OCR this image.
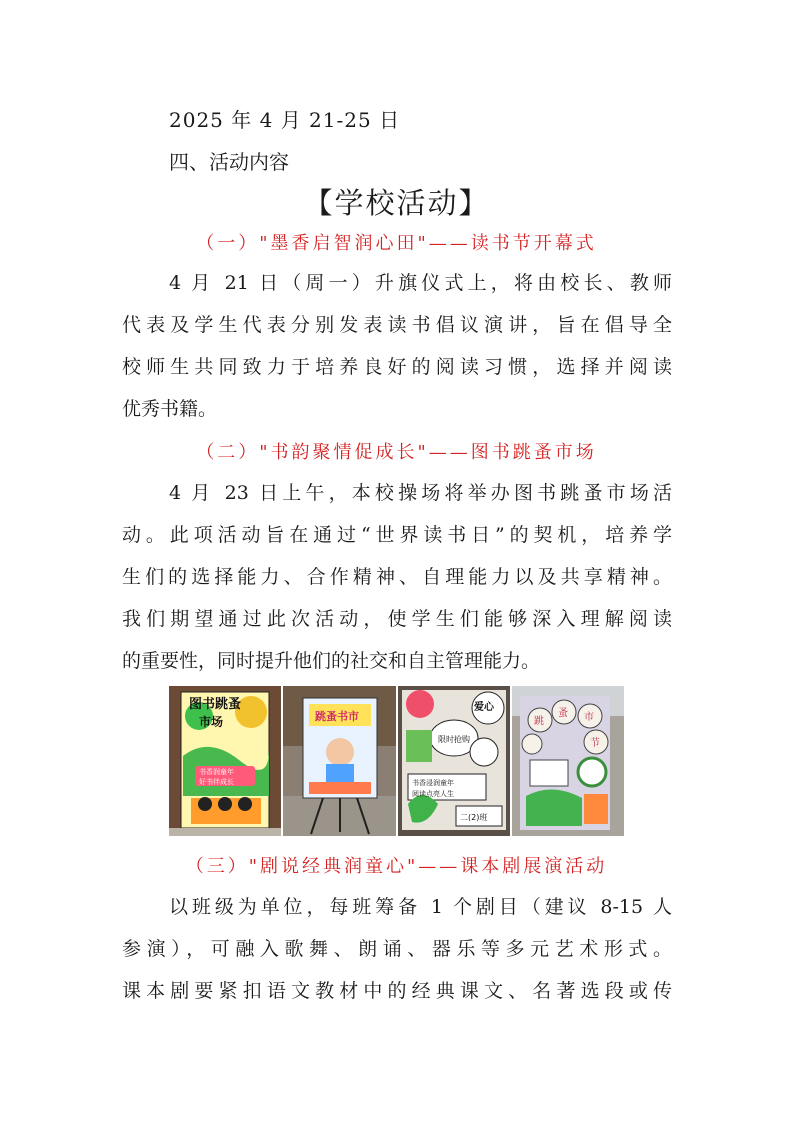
2025 年 4 月 21-25 日
四、活动内容
【学校活动】
（一）"墨香启智润心田"——读书节开幕式
4 月 21 日（周一）升旗仪式上，将由校长、教师
代表及学生代表分别发表读书倡议演讲，旨在倡导全
校师生共同致力于培养良好的阅读习惯，选择并阅读
优秀书籍。
（二）"书韵聚情促成长"——图书跳蚤市场
4 月 23 日上午，本校操场将举办图书跳蚤市场活
动。此项活动旨在通过“世界读书日”的契机，培养学
生们的选择能力、合作精神、自理能力以及共享精神。
我们期望通过此次活动，使学生们能够深入理解阅读
的重要性，同时提升他们的社交和自主管理能力。
图书跳蚤
市场
书香润童年
好书伴成长
跳蚤书市
爱心
限时抢购
书香浸润童年
阅读点亮人生
二(2)班
跳
蚤 市
节
（三）"剧说经典润童心"——课本剧展演活动
以班级为单位，每班筹备 1 个剧目（建议 8-15 人
参演），可融入歌舞、朗诵、器乐等多元艺术形式。
课本剧要紧扣语文教材中的经典课文、名著选段或传
